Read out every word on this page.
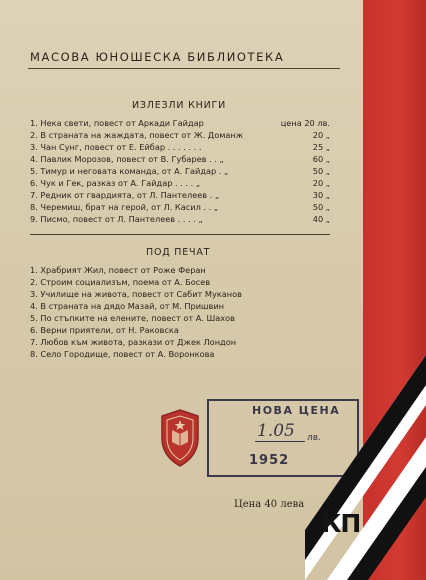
МАСОВА ЮНОШЕСКА БИБЛИОТЕКА
ИЗЛЕЗЛИ КНИГИ
1. Нека свети, повест от Аркади Гайдар	цена 20 лв.
2. В страната на жаждата, повест от Ж. Доманж	20 „
3. Чан Сунг, повест от Е. Ейбар . . . . . . .	25 „
4. Павлик Морозов, повест от В. Губарев . . „	60 „
5. Тимур и неговата команда, от А. Гайдар . „	50 „
6. Чук и Гек, разказ от А. Гайдар . . . . „	20 „
7. Редник от гвардията, от Л. Пантелеев . „	30 „
8. Черемиш, брат на герой, от Л. Касил . . „	50 „
9. Писмо, повест от Л. Пантелеев . . . . „	40 „
ПОД ПЕЧАТ
1. Храбрият Жил, повест от Роже Феран
2. Строим социализъм, поема от А. Босев
3. Училище на живота, повест от Сабит Муканов
4. В страната на дядо Мазай, от М. Пришвин
5. По стъпките на елените, повест от А. Шахов
6. Верни приятели, от Н. Раковска
7. Любов към живота, разкази от Джек Лондон
8. Село Городище, повест от А. Воронкова
НОВА ЦЕНА
1.05 лв.
1952
Цена 40 лева
КП
